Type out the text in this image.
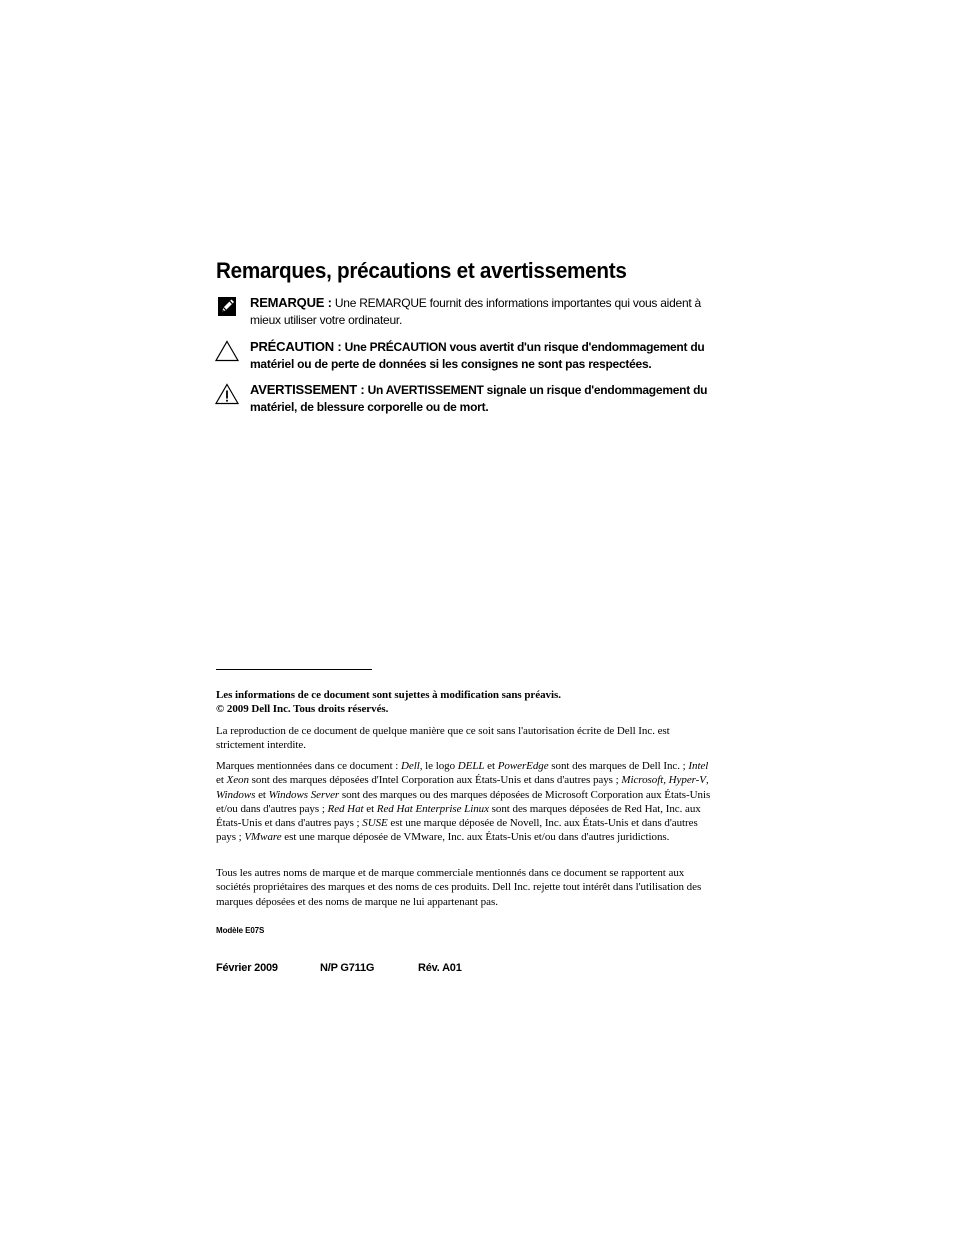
Remarques, précautions et avertissements
REMARQUE : Une REMARQUE fournit des informations importantes qui vous aident à mieux utiliser votre ordinateur.
PRÉCAUTION : Une PRÉCAUTION vous avertit d'un risque d'endommagement du matériel ou de perte de données si les consignes ne sont pas respectées.
AVERTISSEMENT : Un AVERTISSEMENT signale un risque d'endommagement du matériel, de blessure corporelle ou de mort.

Les informations de ce document sont sujettes à modification sans préavis.
© 2009 Dell Inc. Tous droits réservés.

La reproduction de ce document de quelque manière que ce soit sans l'autorisation écrite de Dell Inc. est strictement interdite.

Marques mentionnées dans ce document : Dell, le logo DELL et PowerEdge sont des marques de Dell Inc. ; Intel et Xeon sont des marques déposées d'Intel Corporation aux États-Unis et dans d'autres pays ; Microsoft, Hyper-V, Windows et Windows Server sont des marques ou des marques déposées de Microsoft Corporation aux États-Unis et/ou dans d'autres pays ; Red Hat et Red Hat Enterprise Linux sont des marques déposées de Red Hat, Inc. aux États-Unis et dans d'autres pays ; SUSE est une marque déposée de Novell, Inc. aux États-Unis et dans d'autres pays ; VMware est une marque déposée de VMware, Inc. aux États-Unis et/ou dans d'autres juridictions.

Tous les autres noms de marque et de marque commerciale mentionnés dans ce document se rapportent aux sociétés propriétaires des marques et des noms de ces produits. Dell Inc. rejette tout intérêt dans l'utilisation des marques déposées et des noms de marque ne lui appartenant pas.

Modèle E07S
Février 2009	N/P G711G	Rév. A01
